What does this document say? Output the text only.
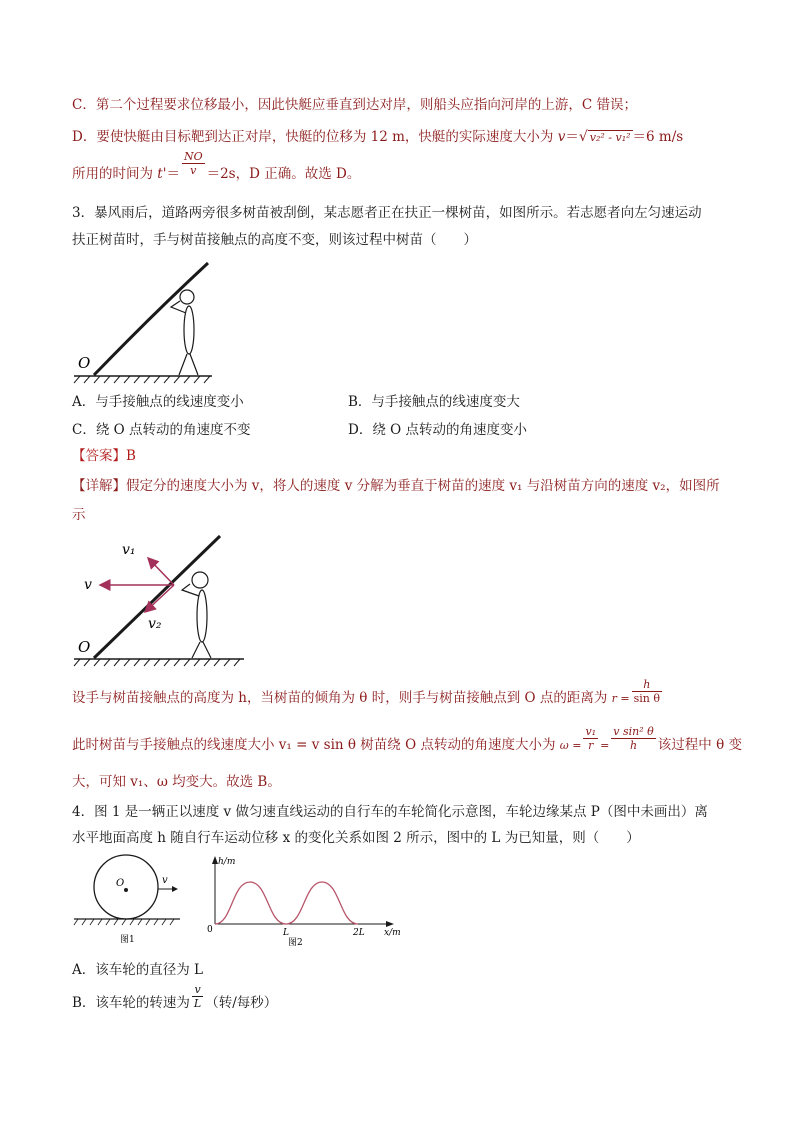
C．第二个过程要求位移最小，因此快艇应垂直到达对岸，则船头应指向河岸的上游，C 错误；
D．要使快艇由目标靶到达正对岸，快艇的位移为 12 m，快艇的实际速度大小为 v＝√ v₂² - v₁² ＝6 m/s
所用的时间为 $t'= \frac{NO}{v} =2s$，D 正确。故选 D。
3．暴风雨后，道路两旁很多树苗被刮倒，某志愿者正在扶正一棵树苗，如图所示。若志愿者向左匀速运动
扶正树苗时，手与树苗接触点的高度不变，则该过程中树苗（　　）
O
A．与手接触点的线速度变小	B．与手接触点的线速度变大
C．绕 O 点转动的角速度不变	D．绕 O 点转动的角速度变小
【答案】B
【详解】假定分的速度大小为 v，将人的速度 v 分解为垂直于树苗的速度 v₁ 与沿树苗方向的速度 v₂，如图所
示
v₁
v
v₂
O
设手与树苗接触点的高度为 h，当树苗的倾角为 θ 时，则手与树苗接触点到 O 点的距离为 $r = \frac{h}{\text{sin θ}}$
此时树苗与手接触点的线速度大小 v₁ = v sin θ 树苗绕 O 点转动的角速度大小为 $\omega = \frac{\text{v₁}}{r} = \frac{\text{v sin² θ}}{h}$ 该过程中 θ 变
大，可知 v₁、ω 均变大。故选 B。
4．图 1 是一辆正以速度 v 做匀速直线运动的自行车的车轮简化示意图，车轮边缘某点 P（图中未画出）离
水平地面高度 h 随自行车运动位移 x 的变化关系如图 2 所示，图中的 L 为已知量，则（　　）
O	v
图1
h/m
x/m
0	L	2L
图2
A．该车轮的直径为 L
B．该车轮的转速为 $\frac{v}{L}$ （转/每秒）
